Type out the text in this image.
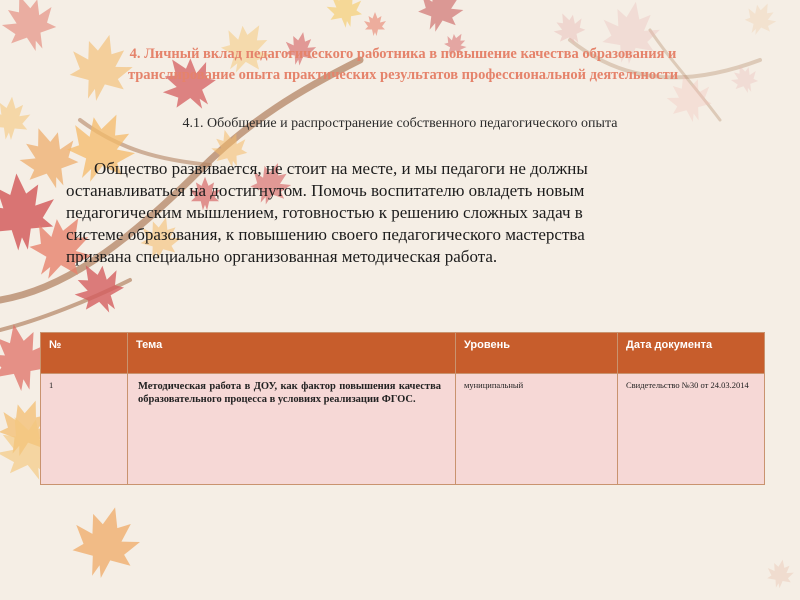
4. Личный вклад педагогического работника в повышение качества образования и
транслирование опыта практических результатов профессиональной деятельности
4.1. Обобщение и распространение собственного педагогического опыта
Общество развивается, не стоит на месте, и мы педагоги не должны
останавливаться на достигнутом. Помочь воспитателю овладеть новым
педагогическим мышлением, готовностью к решению сложных задач в
системе образования, к повышению своего педагогического мастерства
призвана специально организованная методическая работа.
№	Тема	Уровень	Дата документа
1	Методическая работа в ДОУ, как фактор повышения качества образовательного процесса в условиях реализации ФГОС.	муниципальный	Свидетельство №30 от 24.03.2014
